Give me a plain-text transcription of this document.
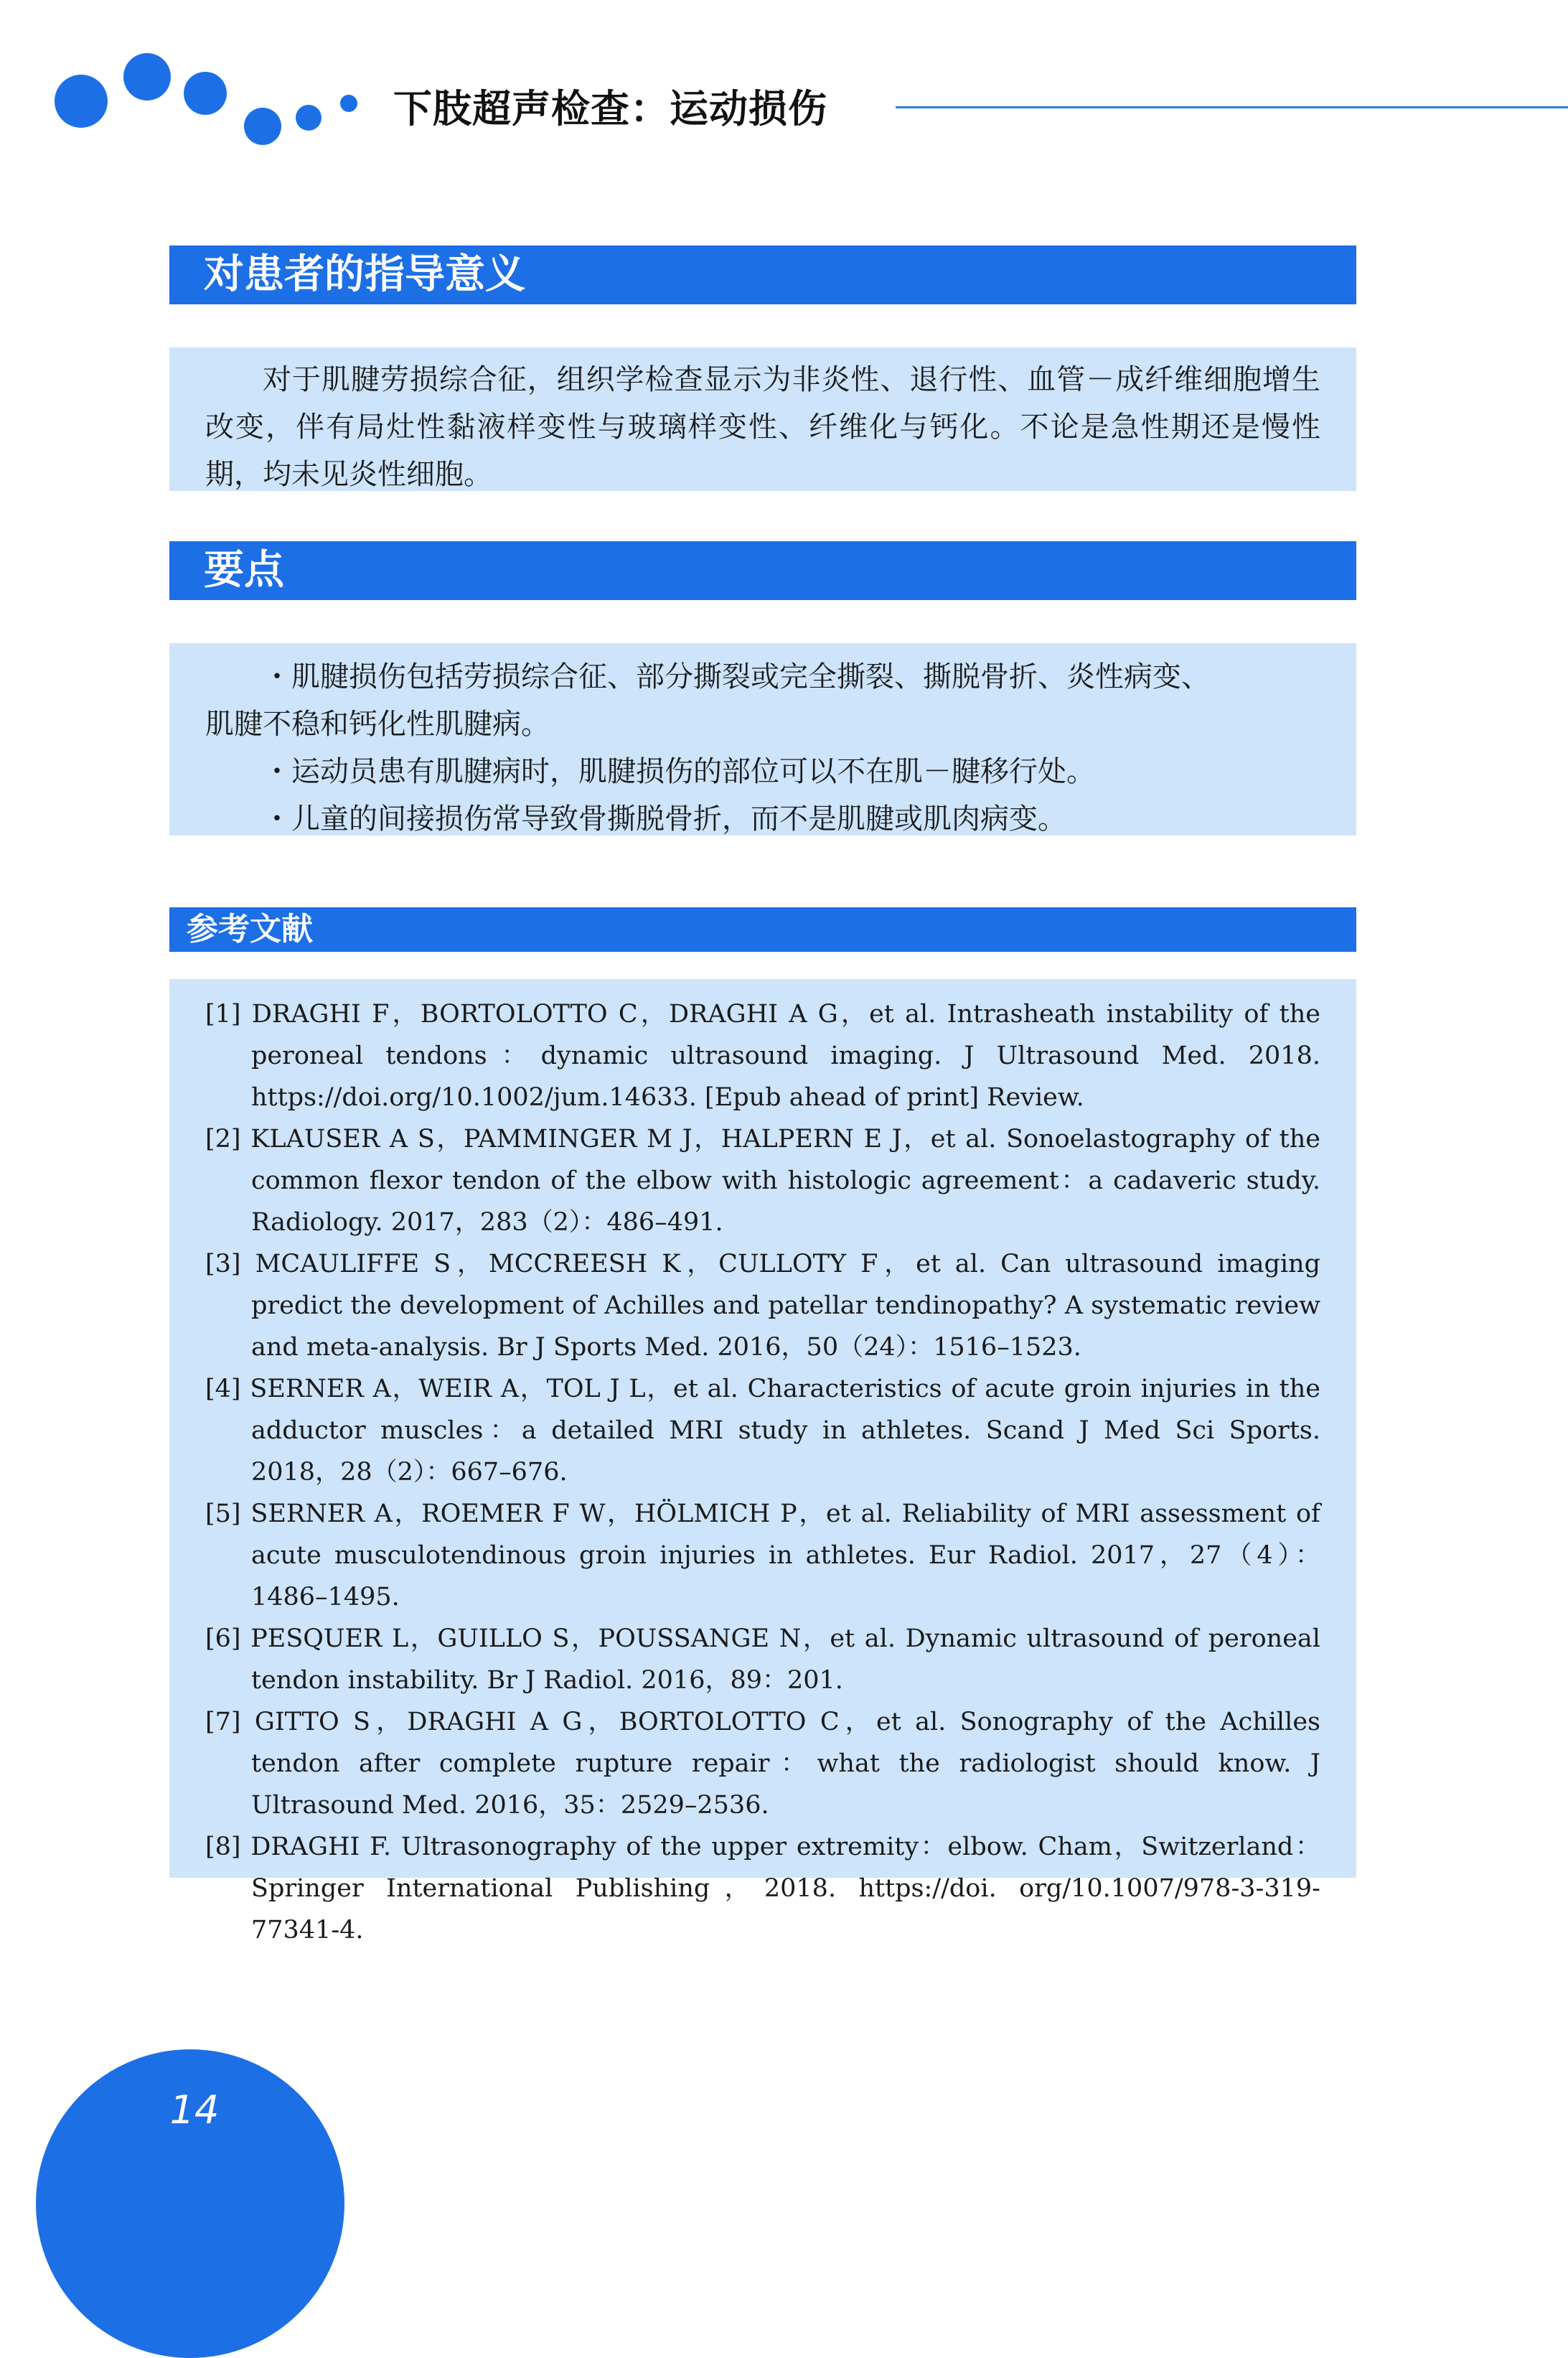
下肢超声检查：运动损伤
对患者的指导意义

对于肌腱劳损综合征，组织学检查显示为非炎性、退行性、血管－成纤维细胞增生改变，伴有局灶性黏液样变性与玻璃样变性、纤维化与钙化。不论是急性期还是慢性期，均未见炎性细胞。

要点

・肌腱损伤包括劳损综合征、部分撕裂或完全撕裂、撕脱骨折、炎性病变、

肌腱不稳和钙化性肌腱病。

・运动员患有肌腱病时，肌腱损伤的部位可以不在肌－腱移行处。

・儿童的间接损伤常导致骨撕脱骨折，而不是肌腱或肌肉病变。

参考文献
[1] DRAGHI F，BORTOLOTTO C，DRAGHI A G，et al. Intrasheath instability of the peroneal tendons：dynamic ultrasound imaging. J Ultrasound Med. 2018. https://doi.org/10.1002/jum.14633. [Epub ahead of print] Review.
[2] KLAUSER A S，PAMMINGER M J，HALPERN E J，et al. Sonoelastography of the common flexor tendon of the elbow with histologic agreement：a cadaveric study. Radiology. 2017，283（2）：486–491.
[3] MCAULIFFE S，MCCREESH K，CULLOTY F，et al. Can ultrasound imaging predict the development of Achilles and patellar tendinopathy? A systematic review and meta-analysis. Br J Sports Med. 2016，50（24）：1516–1523.
[4] SERNER A，WEIR A，TOL J L，et al. Characteristics of acute groin injuries in the adductor muscles：a detailed MRI study in athletes. Scand J Med Sci Sports. 2018，28（2）：667–676.
[5] SERNER A，ROEMER F W，HÖLMICH P，et al. Reliability of MRI assessment of acute musculotendinous groin injuries in athletes. Eur Radiol. 2017，27（4）：1486–1495.
[6] PESQUER L，GUILLO S，POUSSANGE N，et al. Dynamic ultrasound of peroneal tendon instability. Br J Radiol. 2016，89：201.
[7] GITTO S，DRAGHI A G，BORTOLOTTO C，et al. Sonography of the Achilles tendon after complete rupture repair：what the radiologist should know. J Ultrasound Med. 2016，35：2529–2536.
[8] DRAGHI F. Ultrasonography of the upper extremity：elbow. Cham，Switzerland：Springer International Publishing，2018. https://doi. org/10.1007/978-3-319-77341-4.
14
